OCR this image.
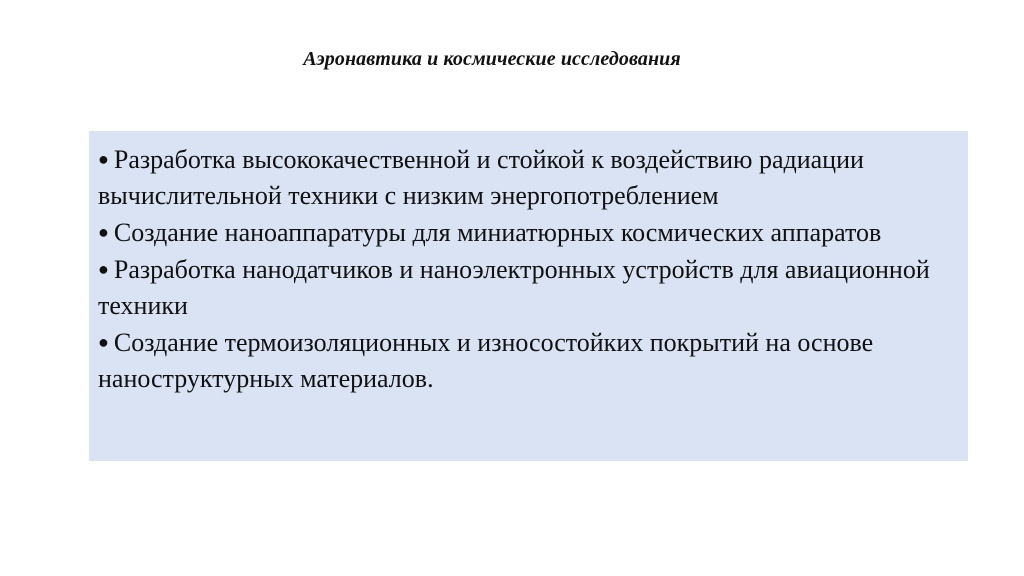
Аэронавтика и космические исследования
● Разработка высококачественной и стойкой к воздействию радиации вычислительной техники с низким энергопотреблением
● Создание наноаппаратуры для миниатюрных космических аппаратов
● Разработка нанодатчиков и наноэлектронных устройств для авиационной техники
● Создание термоизоляционных и износостойких покрытий на основе наноструктурных материалов.
